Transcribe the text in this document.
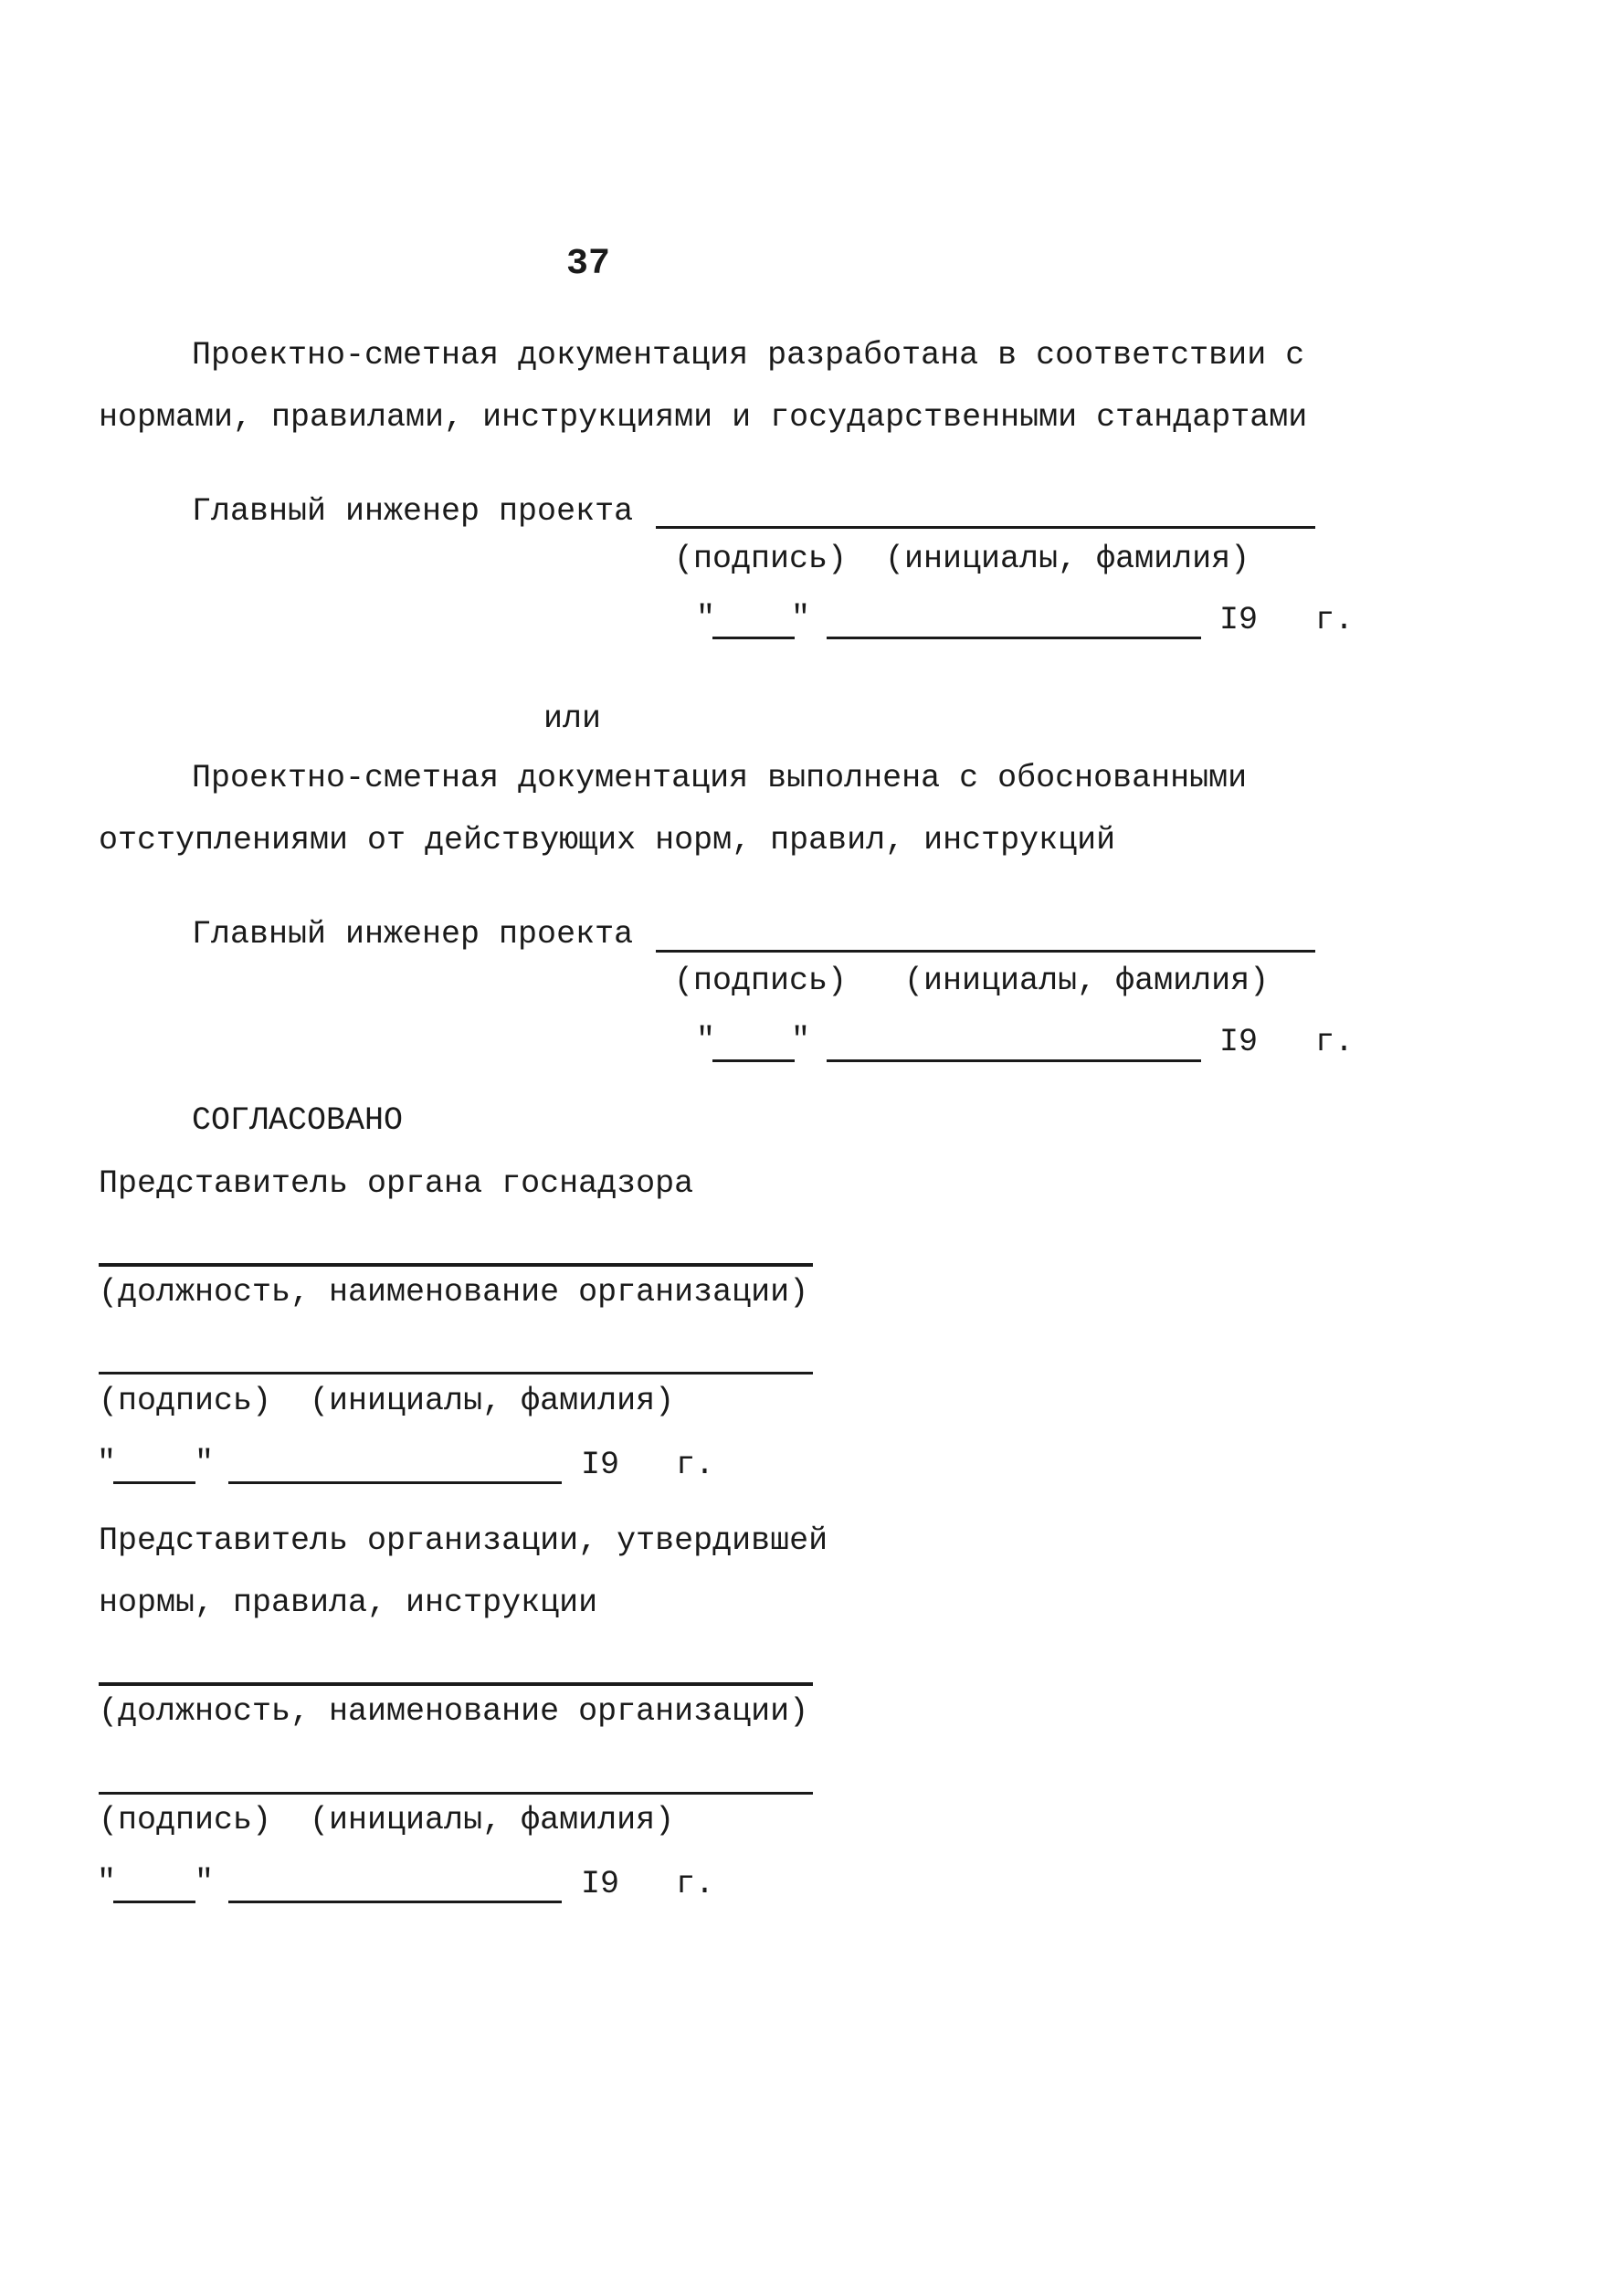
37
Проектно-сметная документация разработана в соответствии с
нормами, правилами, инструкциями и государственными стандартами
Главный инженер проекта
(подпись)  (инициалы, фамилия)
" "	I9 г.
или
Проектно-сметная документация выполнена с обоснованными
отступлениями от действующих норм, правил, инструкций
Главный инженер проекта
(подпись)   (инициалы, фамилия)
" "	I9 г.
СОГЛАСОВАНО
Представитель органа госнадзора
(должность, наименование организации)
(подпись)  (инициалы, фамилия)
" "	I9 г.
Представитель организации, утвердившей
нормы, правила, инструкции
(должность, наименование организации)
(подпись)  (инициалы, фамилия)
" "	I9 г.
